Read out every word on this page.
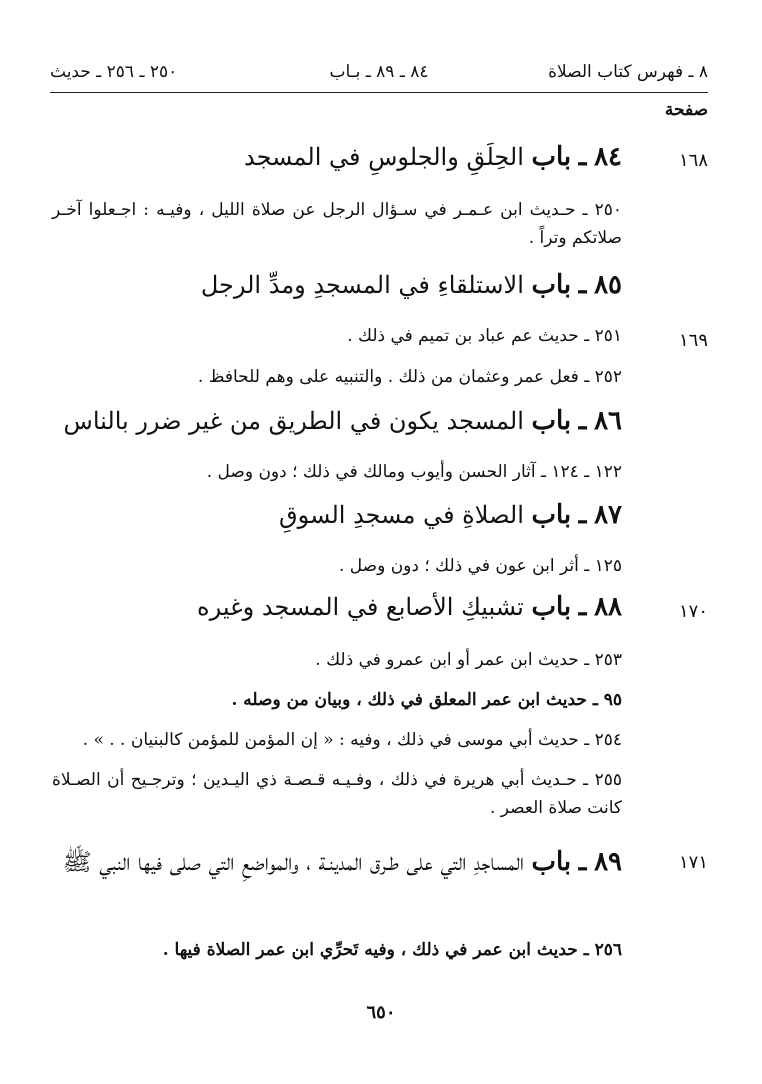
٨ ـ فهرس كتاب الصلاة
٨٤ ـ ٨٩ ـ بـاب
٢٥٠ ـ ٢٥٦ ـ حديث
صفحة
١٦٨
٨٤ ـ باب الحِلَقِ والجلوسِ في المسجد
٢٥٠ ـ حـديث ابن عـمـر في سـؤال الرجل عن صلاة الليل ، وفيـه : اجـعلوا آخـر صلاتكم وتراً .
٨٥ ـ باب الاستلقاءِ في المسجدِ ومدِّ الرجل
١٦٩
٢٥١ ـ حديث عم عباد بن تميم في ذلك .
٢٥٢ ـ فعل عمر وعثمان من ذلك . والتنبيه على وهم للحافظ .
٨٦ ـ باب المسجد يكون في الطريق من غير ضرر بالناس
١٢٢ ـ ١٢٤ ـ آثار الحسن وأيوب ومالك في ذلك ؛ دون وصل .
٨٧ ـ باب الصلاةِ في مسجدِ السوقِ
١٢٥ ـ أثر ابن عون في ذلك ؛ دون وصل .
١٧٠
٨٨ ـ باب تشبيكِ الأصابع في المسجد وغيره
٢٥٣ ـ حديث ابن عمر أو ابن عمرو في ذلك .
٩٥ ـ حديث ابن عمر المعلق في ذلك ، وبيان من وصله .
٢٥٤ ـ حديث أبي موسى في ذلك ، وفيه : « إن المؤمن للمؤمن كالبنيان . . » .
٢٥٥ ـ حـديث أبي هريرة في ذلك ، وفـيـه قـصـة ذي اليـدين ؛ وترجـيح أن الصـلاة كانت صلاة العصر .
١٧١
٨٩ ـ باب المساجدِ التي على طـرق المدينـة ، والمواضعِ التي صلى فيها النبي ﷺ
٢٥٦ ـ حديث ابن عمر في ذلك ، وفيه تَحرِّي ابن عمر الصلاة فيها .
٦٥٠
